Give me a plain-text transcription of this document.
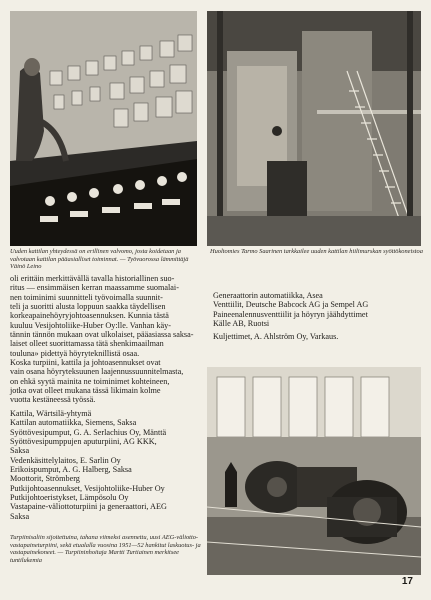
Uuden kattilan yhteydessä on erillinen valvomo, josta koidetaan ja valvotaan kattilan pääasialliset toiminnat. — Työvuorossa lämmittäjä Väinö Leino

Huoltomies Tarmo Saarinen tarkkailee uuden kattilan hiilimurskan syöttökoneistoa

oli erittäin merkittävällä tavalla historiallinen suo-
ritus — ensimmäisen kerran maassamme suomalai-
nen toiminimi suunnitteli työvoimalla suunnit-
teli ja suoritti alusta loppuun saakka täydellisen
korkeapainehöyryjohtoasennuksen. Kunnia tästä
kuuluu Vesijohtoliike-Huber Oy:lle. Vanhan käy-
tännin tännön mukaan ovat ulkolaiset, pääasiassa saksa-
laiset olleet suorittamassa tätä shenkimaailman
touluna» pidettyä höyryteknillistä osaa.
Koska turpiini, kattila ja johtoasennukset ovat
vain osana höyryteksuunen laajennussuunnitelmasta,
on ehkä syytä mainita ne toiminimet kohteineen,
jotka ovat olleet mukana tässä likimain kolme
vuotta kestäneessä työssä.
Kattila, Wärtsilä-yhtymä
Kattilan automatiikka, Siemens, Saksa
Syöttövesipumput, G. A. Serlachius Oy, Mänttä
Syöttövesipumppujen aputurpiini, AG KKK,
Saksa
Vedenkäsittelylaitos, E. Sarlin Oy
Erikoispumput, A. G. Halberg, Saksa
Moottorit, Strömberg
Putkijohtoasennukset, Vesijohtoliike-Huber Oy
Putkijohtoeristykset, Lämpösolu Oy
Vastapaine-väliottoturpiini ja generaattori, AEG
Saksa

Turpiinisaliin sijoitettuina, tahana viimeksi asennettu, uusi AEG-väliotto-vastapaineturpiini, sekä etualalla vuosina 1951—52 hankitut laskuotus- ja vastapainekoneet. — Turpiininhoitaja Martti Turtiainen merkitsee tuntilukemia

Generaattorin automatiikka, Asea
Venttiilit, Deutsche Babcock AG ja Sempel AG
Paineenalennusventtiilit ja höyryn jäähdyttimet
Källe AB, Ruotsi
Kuljettimet, A. Ahlström Oy, Varkaus.
17
